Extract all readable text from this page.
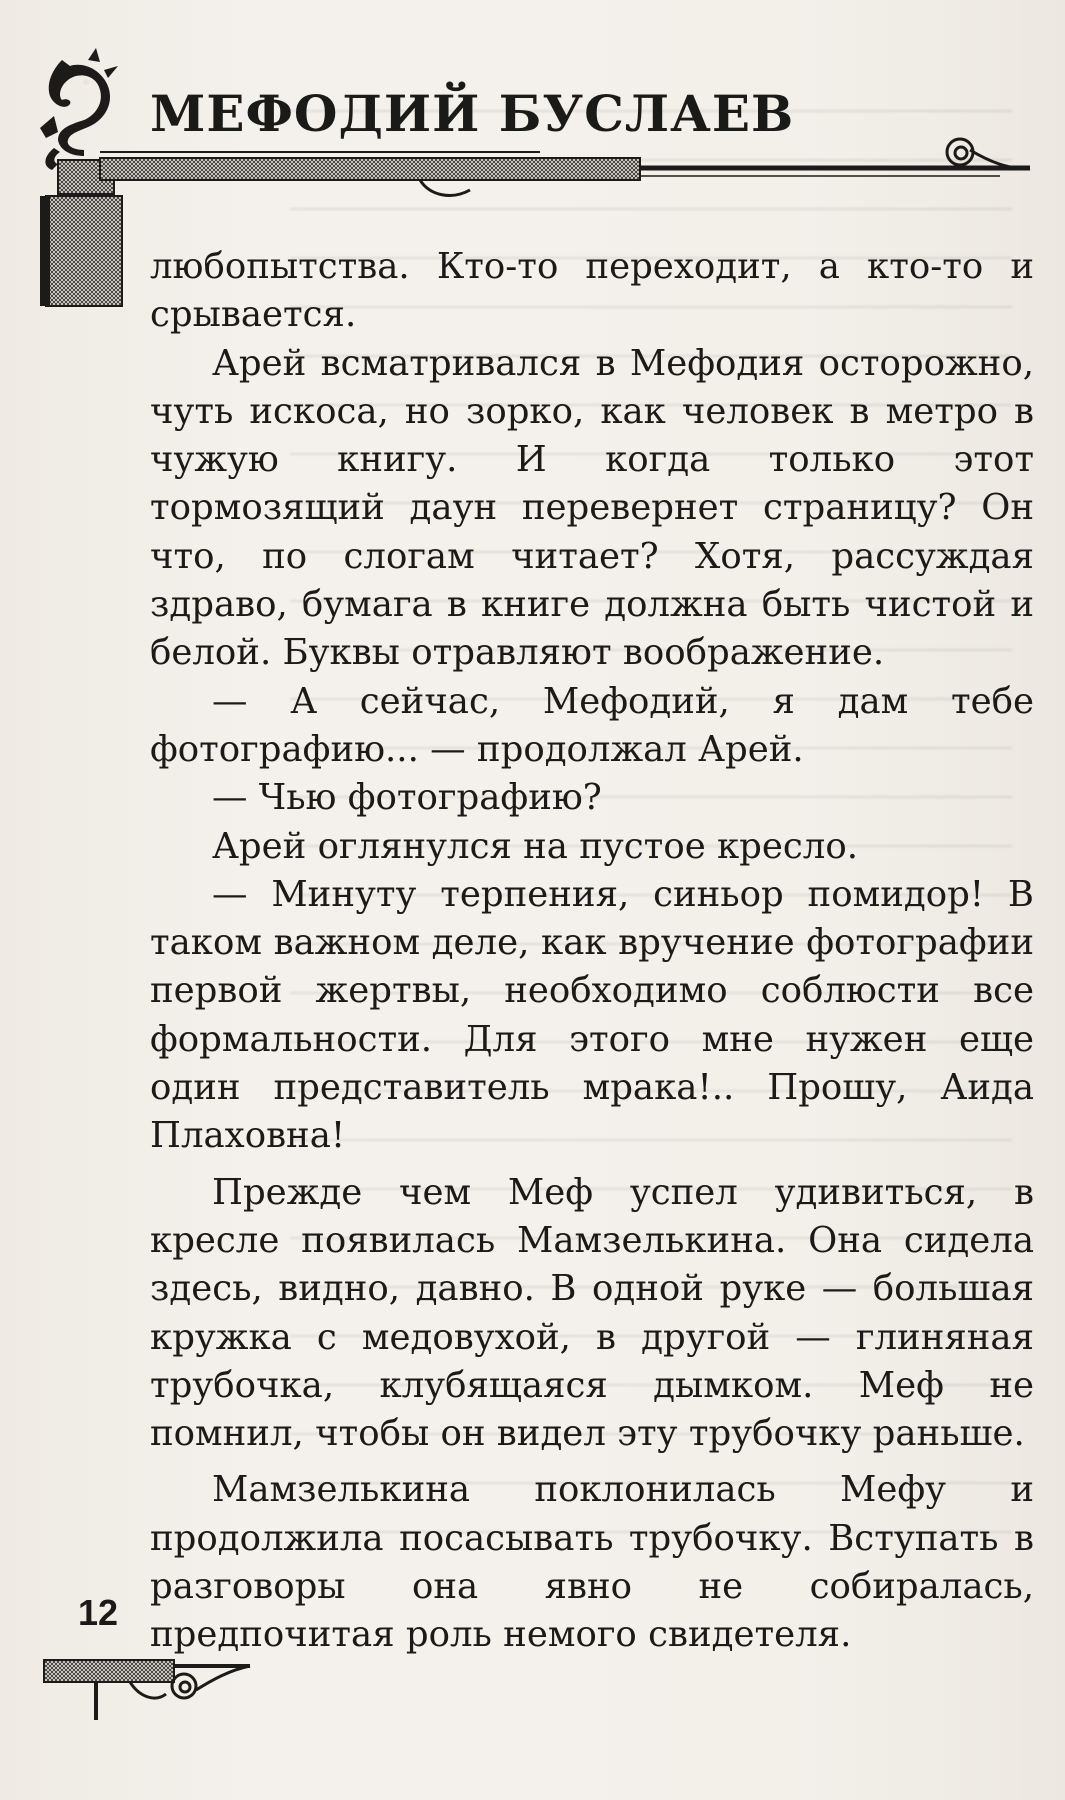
МЕФОДИЙ БУСЛАЕВ

любопытства. Кто-то переходит, а кто-то и срывается.

Арей всматривался в Мефодия осторожно, чуть искоса, но зорко, как человек в метро в чужую книгу. И когда только этот тормозящий даун перевернет страницу? Он что, по слогам читает? Хотя, рассуждая здраво, бумага в книге должна быть чистой и белой. Буквы отравляют воображение.

— А сейчас, Мефодий, я дам тебе фотографию... — продолжал Арей.

— Чью фотографию?

Арей оглянулся на пустое кресло.

— Минуту терпения, синьор помидор! В таком важном деле, как вручение фотографии первой жертвы, необходимо соблюсти все формальности. Для этого мне нужен еще один представитель мрака!.. Прошу, Аида Плаховна!

Прежде чем Меф успел удивиться, в кресле появилась Мамзелькина. Она сидела здесь, видно, давно. В одной руке — большая кружка с медовухой, в другой — глиняная трубочка, клубящаяся дымком. Меф не помнил, чтобы он видел эту трубочку раньше.

Мамзелькина поклонилась Мефу и продолжила посасывать трубочку. Вступать в разговоры она явно не собиралась, предпочитая роль немого свидетеля.

12
